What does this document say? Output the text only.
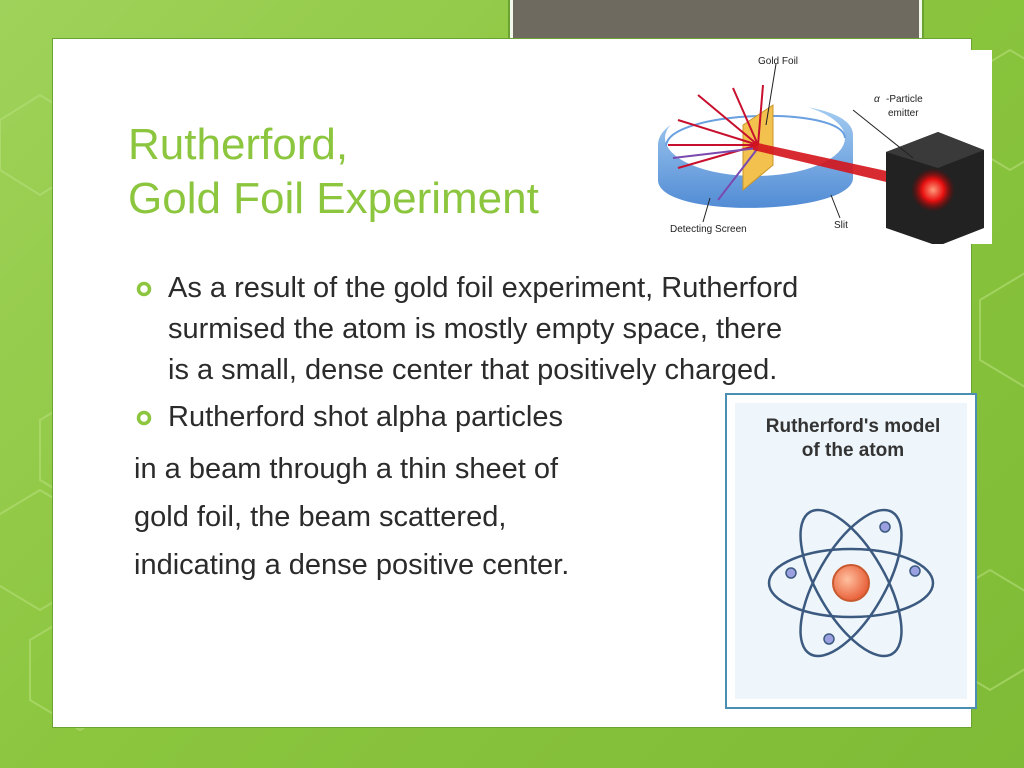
Rutherford,
Gold Foil Experiment
As a result of the gold foil experiment, Rutherford surmised the atom is mostly empty space, there is a small, dense center that positively charged.
Rutherford shot alpha particles
in a beam through a thin sheet of
gold foil, the beam scattered,
indicating a dense positive center.
Gold Foil
α -Particle
emitter
Detecting Screen	Slit
Rutherford's model
of the atom
